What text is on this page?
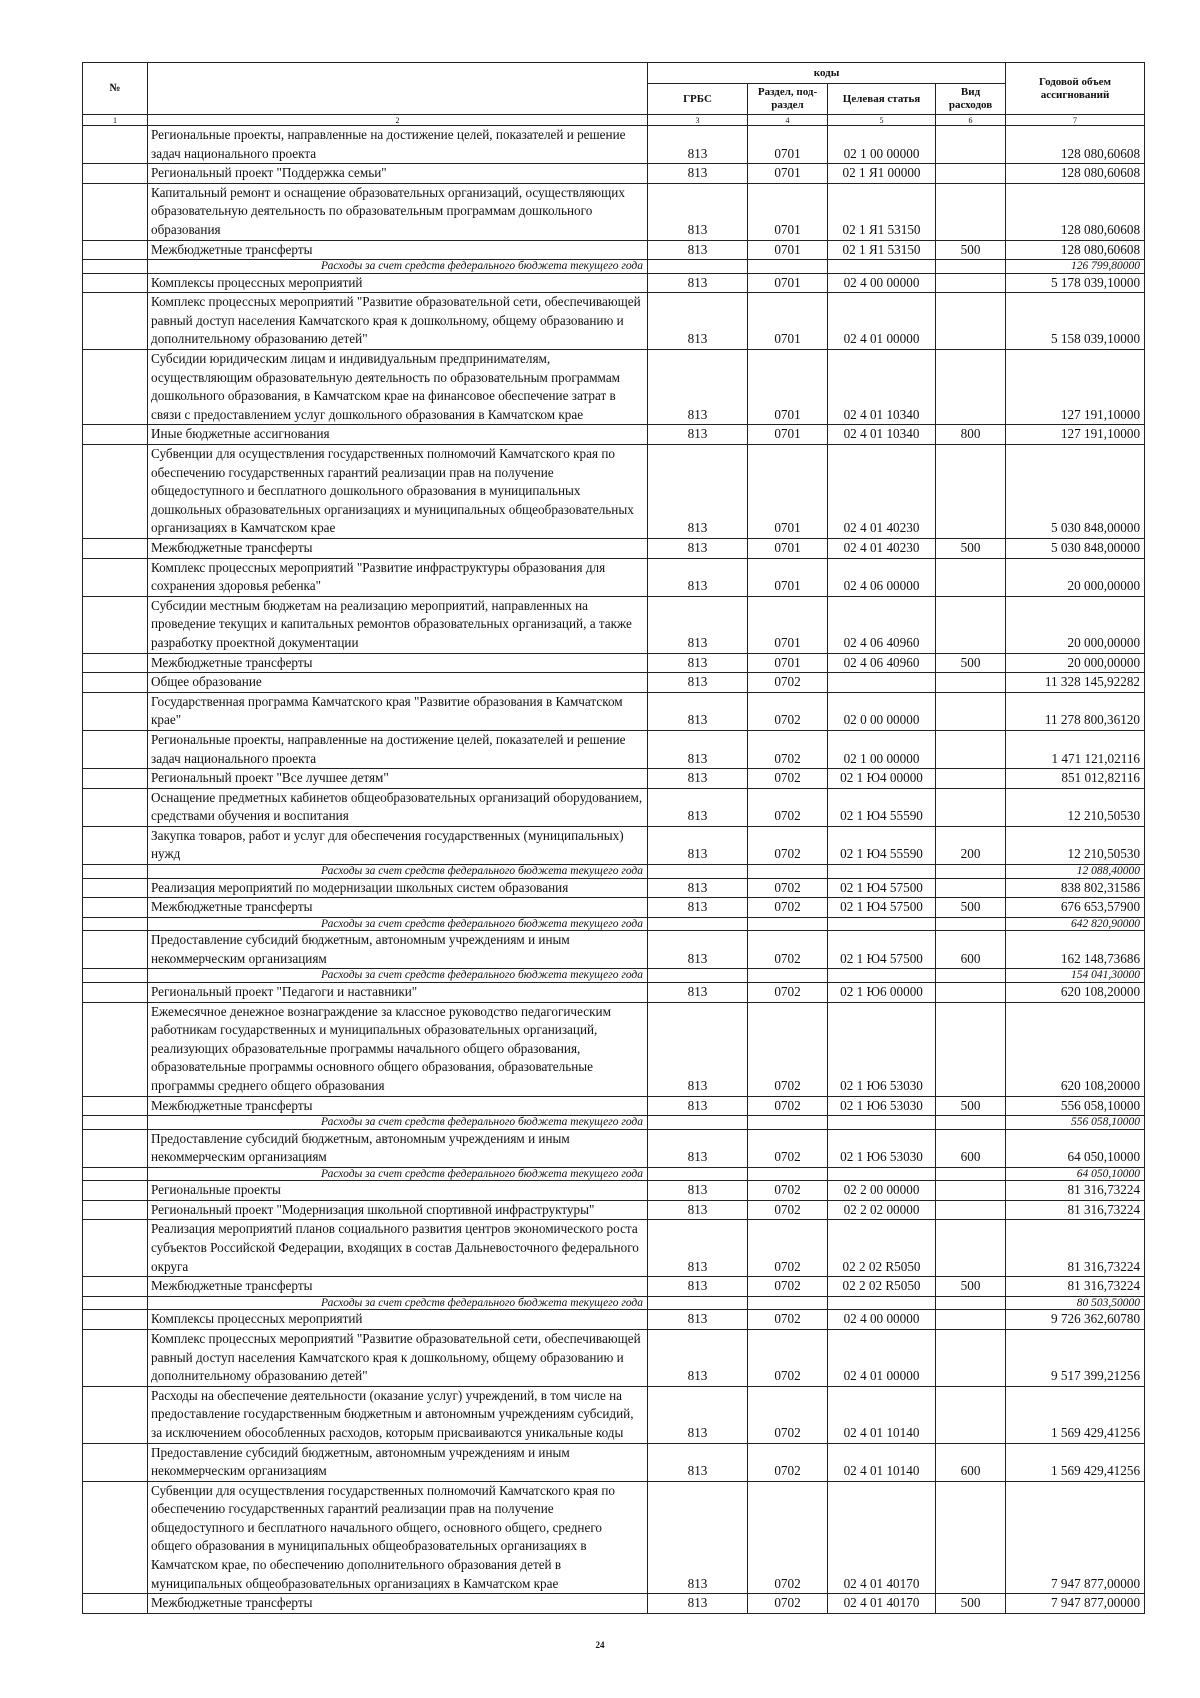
№		коды				Годовой объем ассигнований
		ГРБС	Раздел, под-раздел	Целевая статья	Вид расходов	
1	2	3	4	5	6	7
	Региональные проекты, направленные на достижение целей, показателей и решение задач национального проекта	813	0701	02 1 00 00000		128 080,60608
	Региональный проект "Поддержка семьи"	813	0701	02 1 Я1 00000		128 080,60608
	Капитальный ремонт и оснащение образовательных организаций, осуществляющих образовательную деятельность по образовательным программам дошкольного образования	813	0701	02 1 Я1 53150		128 080,60608
	Межбюджетные трансферты	813	0701	02 1 Я1 53150	500	128 080,60608
	Расходы за счет средств федерального бюджета текущего года					126 799,80000
	Комплексы процессных мероприятий	813	0701	02 4 00 00000		5 178 039,10000
	Комплекс процессных мероприятий "Развитие образовательной сети, обеспечивающей равный доступ населения Камчатского края к дошкольному, общему образованию и дополнительному образованию детей"	813	0701	02 4 01 00000		5 158 039,10000
	Субсидии юридическим лицам и индивидуальным предпринимателям, осуществляющим образовательную деятельность по образовательным программам дошкольного образования, в Камчатском крае на финансовое обеспечение затрат в связи с предоставлением услуг дошкольного образования в Камчатском крае	813	0701	02 4 01 10340		127 191,10000
	Иные бюджетные ассигнования	813	0701	02 4 01 10340	800	127 191,10000
	Субвенции для осуществления государственных полномочий Камчатского края по обеспечению государственных гарантий реализации прав на получение общедоступного и бесплатного дошкольного образования в муниципальных дошкольных образовательных организациях и муниципальных общеобразовательных организациях в Камчатском крае	813	0701	02 4 01 40230		5 030 848,00000
	Межбюджетные трансферты	813	0701	02 4 01 40230	500	5 030 848,00000
	Комплекс процессных мероприятий "Развитие инфраструктуры образования для сохранения здоровья ребенка"	813	0701	02 4 06 00000		20 000,00000
	Субсидии местным бюджетам на реализацию мероприятий, направленных на проведение текущих и капитальных ремонтов образовательных организаций, а также разработку проектной документации	813	0701	02 4 06 40960		20 000,00000
	Межбюджетные трансферты	813	0701	02 4 06 40960	500	20 000,00000
	Общее образование	813	0702			11 328 145,92282
	Государственная программа Камчатского края "Развитие образования в Камчатском крае"	813	0702	02 0 00 00000		11 278 800,36120
	Региональные проекты, направленные на достижение целей, показателей и решение задач национального проекта	813	0702	02 1 00 00000		1 471 121,02116
	Региональный проект "Все лучшее детям"	813	0702	02 1 Ю4 00000		851 012,82116
	Оснащение предметных кабинетов общеобразовательных организаций оборудованием, средствами обучения и воспитания	813	0702	02 1 Ю4 55590		12 210,50530
	Закупка товаров, работ и услуг для обеспечения государственных (муниципальных) нужд	813	0702	02 1 Ю4 55590	200	12 210,50530
	Расходы за счет средств федерального бюджета текущего года					12 088,40000
	Реализация мероприятий по модернизации школьных систем образования	813	0702	02 1 Ю4 57500		838 802,31586
	Межбюджетные трансферты	813	0702	02 1 Ю4 57500	500	676 653,57900
	Расходы за счет средств федерального бюджета текущего года					642 820,90000
	Предоставление субсидий бюджетным, автономным учреждениям и иным некоммерческим организациям	813	0702	02 1 Ю4 57500	600	162 148,73686
	Расходы за счет средств федерального бюджета текущего года					154 041,30000
	Региональный проект "Педагоги и наставники"	813	0702	02 1 Ю6 00000		620 108,20000
	Ежемесячное денежное вознаграждение за классное руководство педагогическим работникам государственных и муниципальных образовательных организаций, реализующих образовательные программы начального общего образования, образовательные программы основного общего образования, образовательные программы среднего общего образования	813	0702	02 1 Ю6 53030		620 108,20000
	Межбюджетные трансферты	813	0702	02 1 Ю6 53030	500	556 058,10000
	Расходы за счет средств федерального бюджета текущего года					556 058,10000
	Предоставление субсидий бюджетным, автономным учреждениям и иным некоммерческим организациям	813	0702	02 1 Ю6 53030	600	64 050,10000
	Расходы за счет средств федерального бюджета текущего года					64 050,10000
	Региональные проекты	813	0702	02 2 00 00000		81 316,73224
	Региональный проект "Модернизация школьной спортивной инфраструктуры"	813	0702	02 2 02 00000		81 316,73224
	Реализация мероприятий планов социального развития центров экономического роста субъектов Российской Федерации, входящих в состав Дальневосточного федерального округа	813	0702	02 2 02 R5050		81 316,73224
	Межбюджетные трансферты	813	0702	02 2 02 R5050	500	81 316,73224
	Расходы за счет средств федерального бюджета текущего года					80 503,50000
	Комплексы процессных мероприятий	813	0702	02 4 00 00000		9 726 362,60780
	Комплекс процессных мероприятий "Развитие образовательной сети, обеспечивающей равный доступ населения Камчатского края к дошкольному, общему образованию и дополнительному образованию детей"	813	0702	02 4 01 00000		9 517 399,21256
	Расходы на обеспечение деятельности (оказание услуг) учреждений, в том числе на предоставление государственным бюджетным и автономным учреждениям субсидий, за исключением обособленных расходов, которым присваиваются уникальные коды	813	0702	02 4 01 10140		1 569 429,41256
	Предоставление субсидий бюджетным, автономным учреждениям и иным некоммерческим организациям	813	0702	02 4 01 10140	600	1 569 429,41256
	Субвенции для осуществления государственных полномочий Камчатского края по обеспечению государственных гарантий реализации прав на получение общедоступного и бесплатного начального общего, основного общего, среднего общего образования в муниципальных общеобразовательных организациях в Камчатском крае, по обеспечению дополнительного образования детей в муниципальных общеобразовательных организациях в Камчатском крае	813	0702	02 4 01 40170		7 947 877,00000
	Межбюджетные трансферты	813	0702	02 4 01 40170	500	7 947 877,00000
24
